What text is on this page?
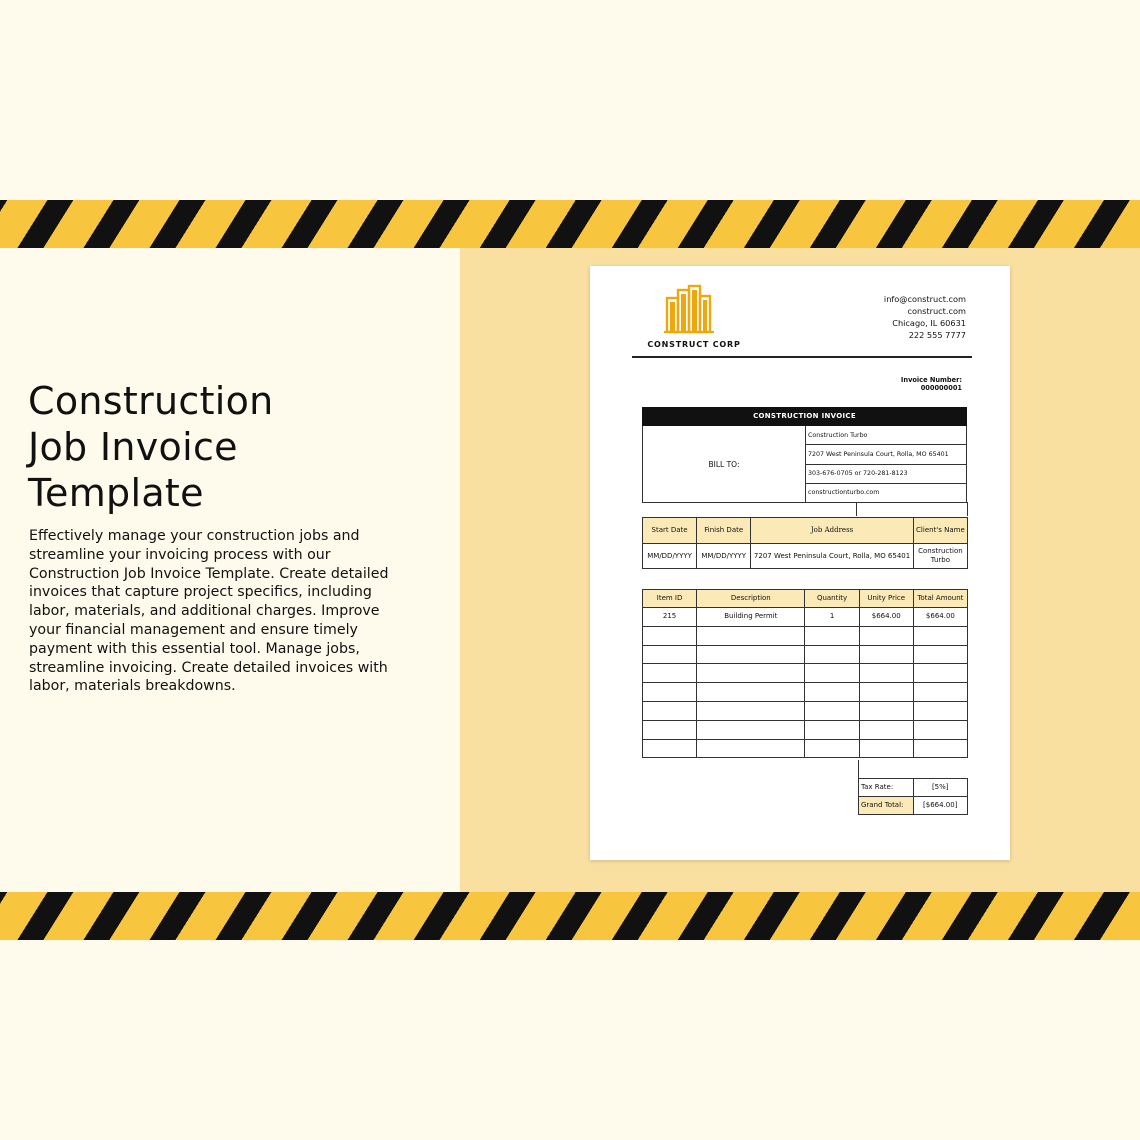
Construction
Job Invoice
Template

Effectively manage your construction jobs and streamline your invoicing process with our Construction Job Invoice Template. Create detailed invoices that capture project specifics, including labor, materials, and additional charges. Improve your financial management and ensure timely payment with this essential tool. Manage jobs, streamline invoicing. Create detailed invoices with labor, materials breakdowns.

CONSTRUCT CORP
info@construct.com
construct.com
Chicago, IL 60631
222 555 7777
Invoice Number:
000000001
CONSTRUCTION INVOICE
BILL TO:
Construction Turbo
7207 West Peninsula Court, Rolla, MO 65401
303-676-0705 or 720-281-8123
constructionturbo.com
Start Date	Finish Date	Job Address	Client's Name
MM/DD/YYYY	MM/DD/YYYY	7207 West Peninsula Court, Rolla, MO 65401	Construction Turbo
Item ID	Description	Quantity	Unity Price	Total Amount
215	Building Permit	1	$664.00	$664.00

Tax Rate:	[5%]
Grand Total:	[$664.00]
